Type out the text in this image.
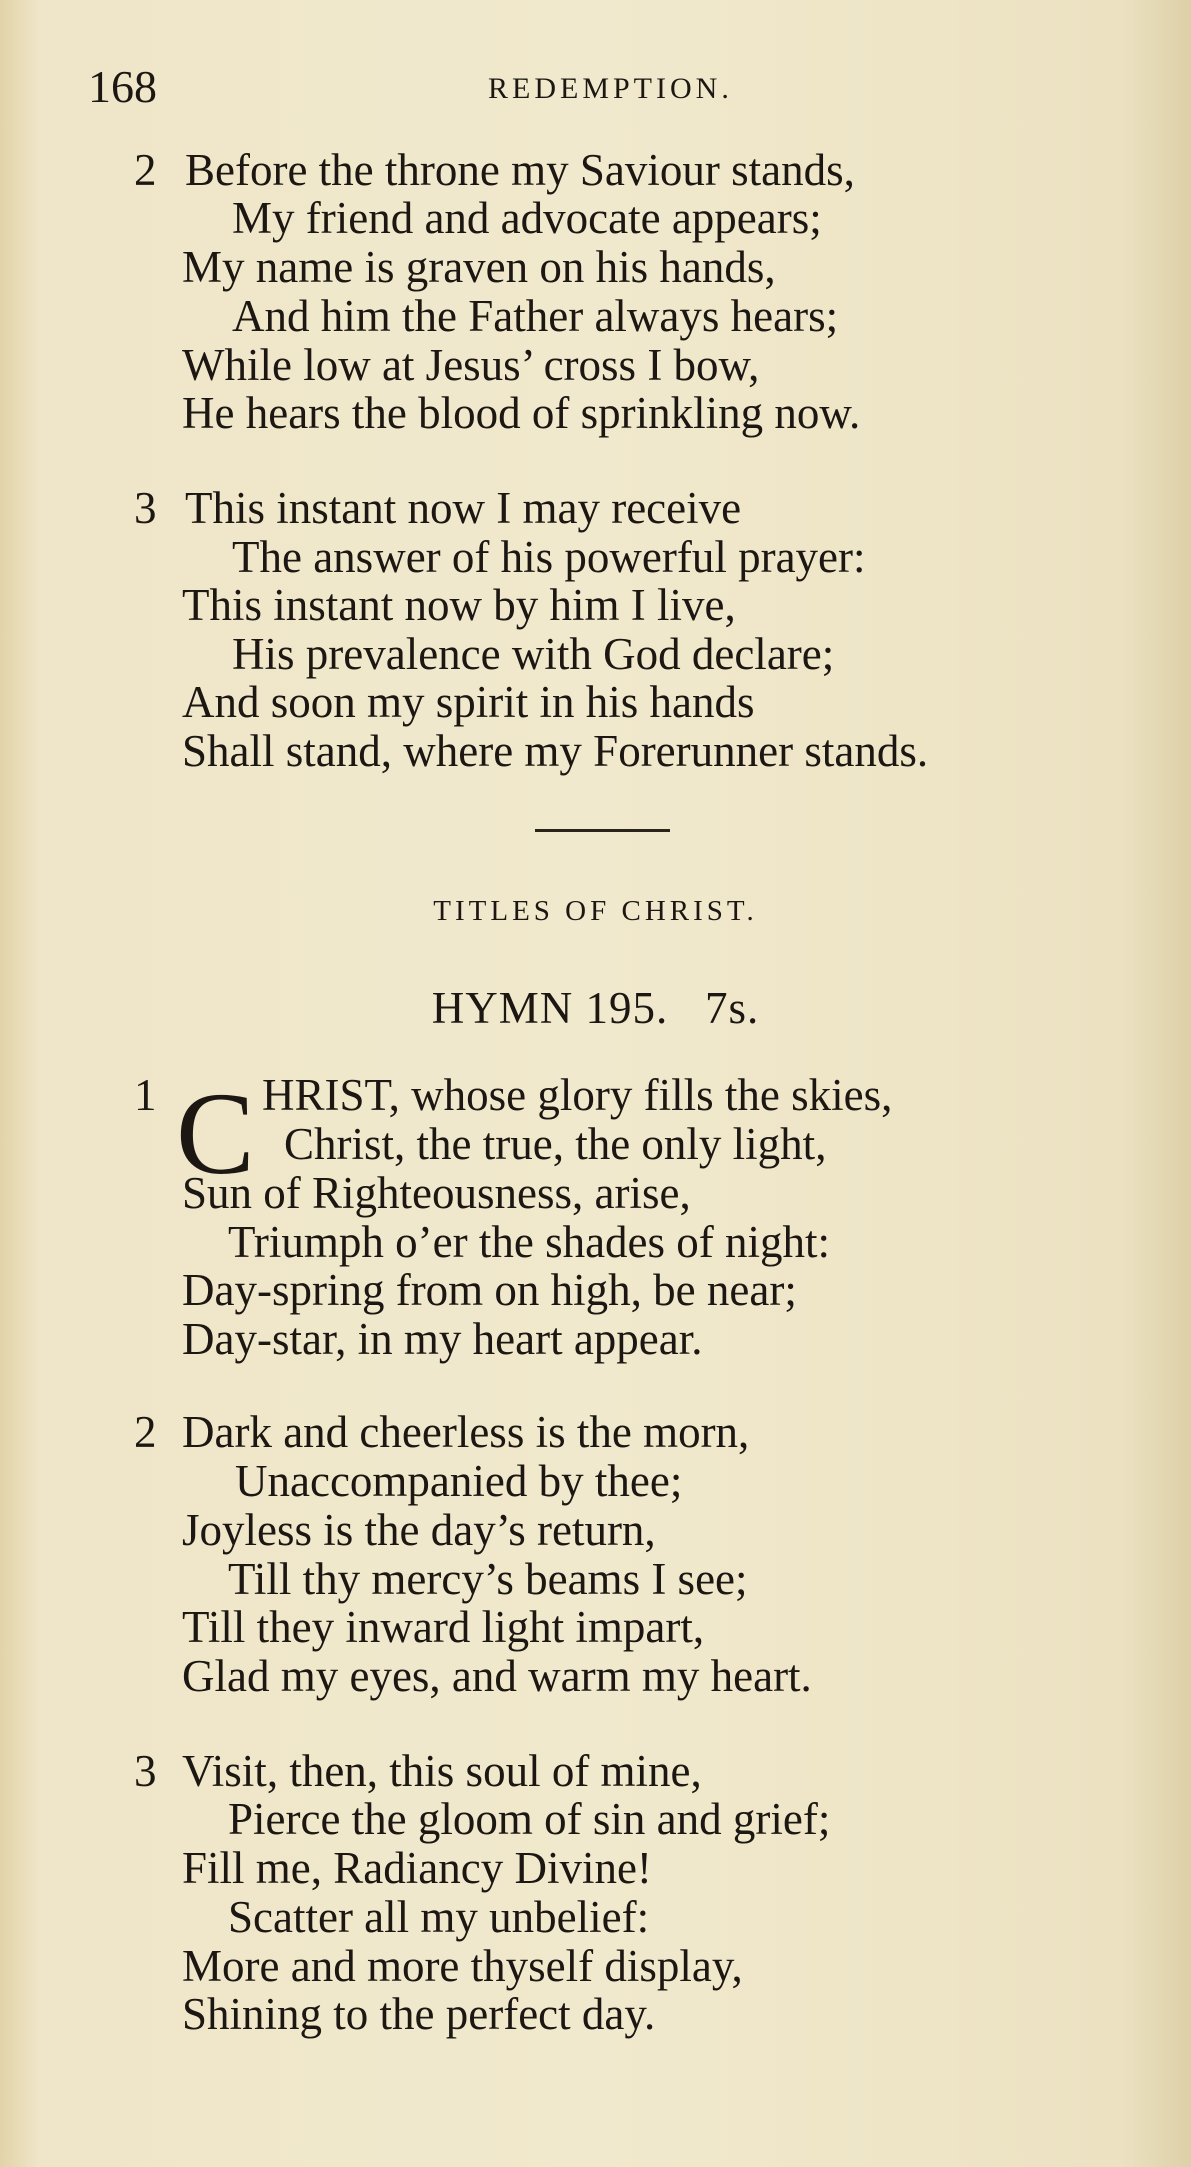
168	REDEMPTION.
2 Before the throne my Saviour stands,
My friend and advocate appears;
My name is graven on his hands,
And him the Father always hears;
While low at Jesus’ cross I bow,
He hears the blood of sprinkling now.
3 This instant now I may receive
The answer of his powerful prayer:
This instant now by him I live,
His prevalence with God declare;
And soon my spirit in his hands
Shall stand, where my Forerunner stands.
TITLES OF CHRIST.
HYMN 195.   7s.
1 C HRIST, whose glory fills the skies,
Christ, the true, the only light,
Sun of Righteousness, arise,
Triumph o’er the shades of night:
Day-spring from on high, be near;
Day-star, in my heart appear.
2 Dark and cheerless is the morn,
Unaccompanied by thee;
Joyless is the day’s return,
Till thy mercy’s beams I see;
Till they inward light impart,
Glad my eyes, and warm my heart.
3 Visit, then, this soul of mine,
Pierce the gloom of sin and grief;
Fill me, Radiancy Divine!
Scatter all my unbelief:
More and more thyself display,
Shining to the perfect day.
